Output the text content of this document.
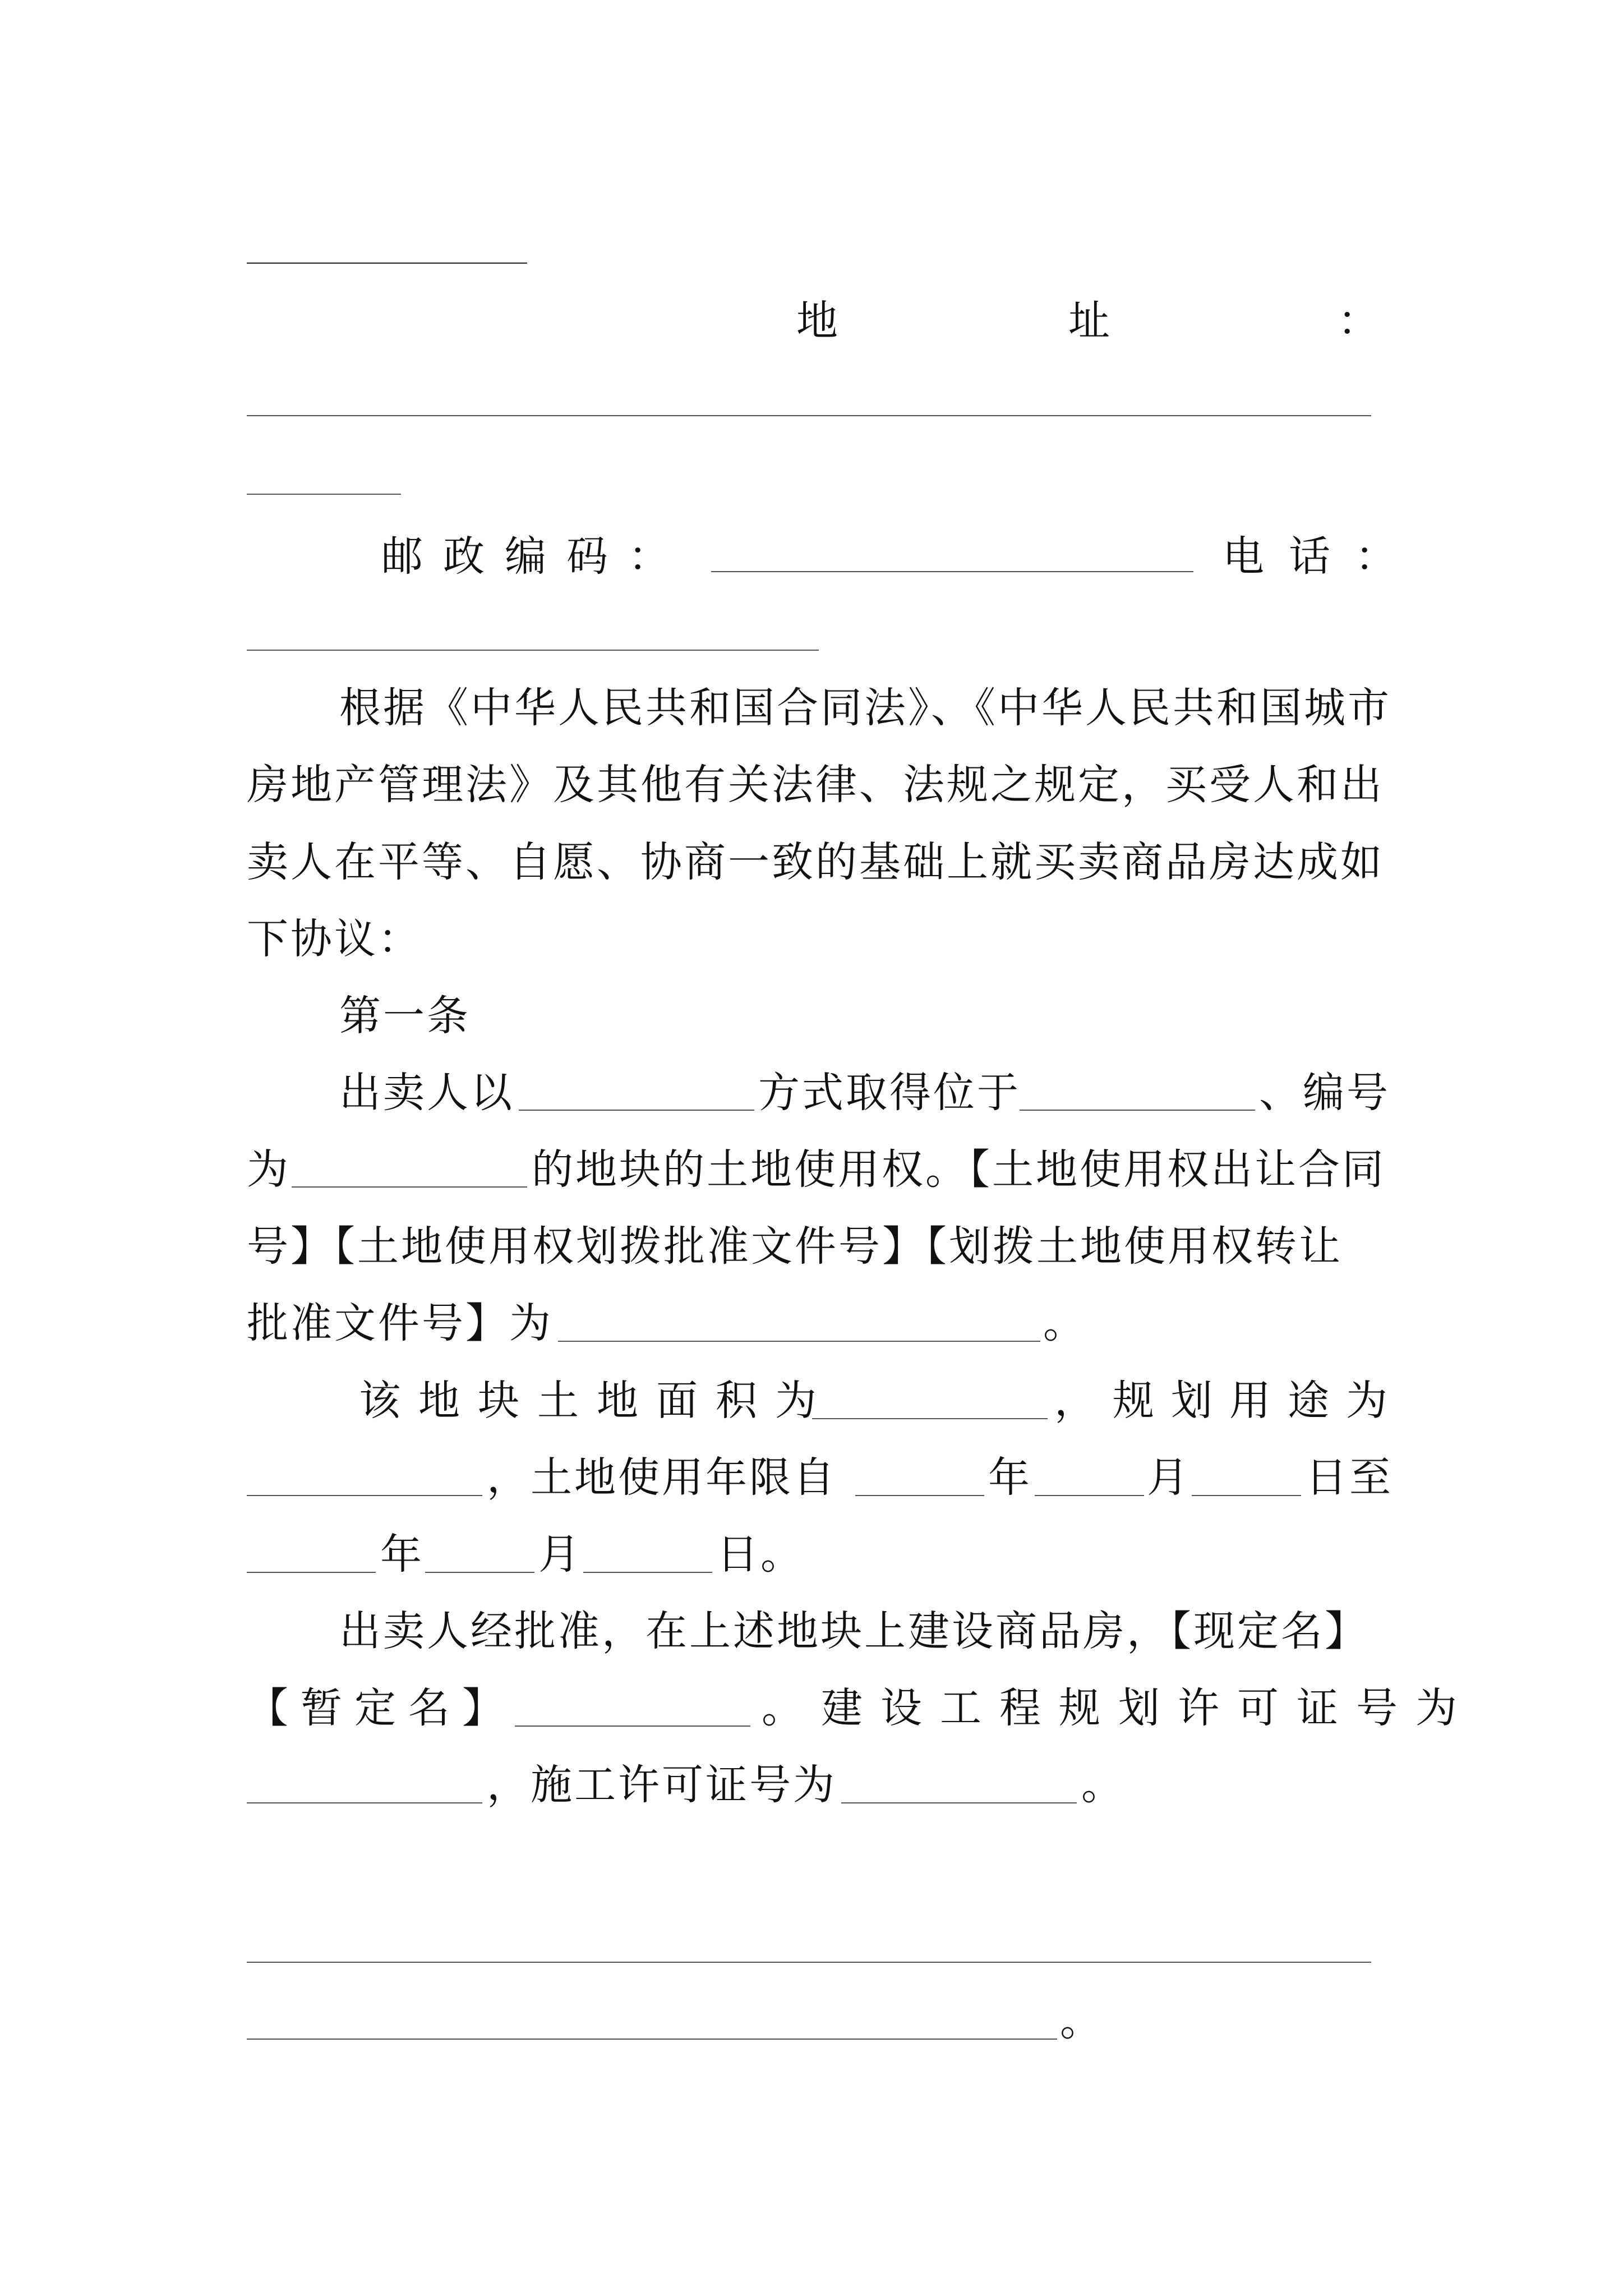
地	址	：
邮政编码：	电话：
根据《中华人民共和国合同法》、《中华人民共和国城市
房地产管理法》及其他有关法律、法规之规定，买受人和出
卖人在平等、自愿、协商一致的基础上就买卖商品房达成如
下协议：
第一条
出卖人以	方式取得位于	、编号
为	的地块的土地使用权。【土地使用权出让合同
号】【土地使用权划拨批准文件号】【划拨土地使用权转让
批准文件号】为	。
该地块土地面积为	，规划用途为
，土地使用年限自	年	月	日至
年	月	日。
出卖人经批准，在上述地块上建设商品房，【现定名】
【暂定名】	。建设工程规划许可证号为
，施工许可证号为	。
。
